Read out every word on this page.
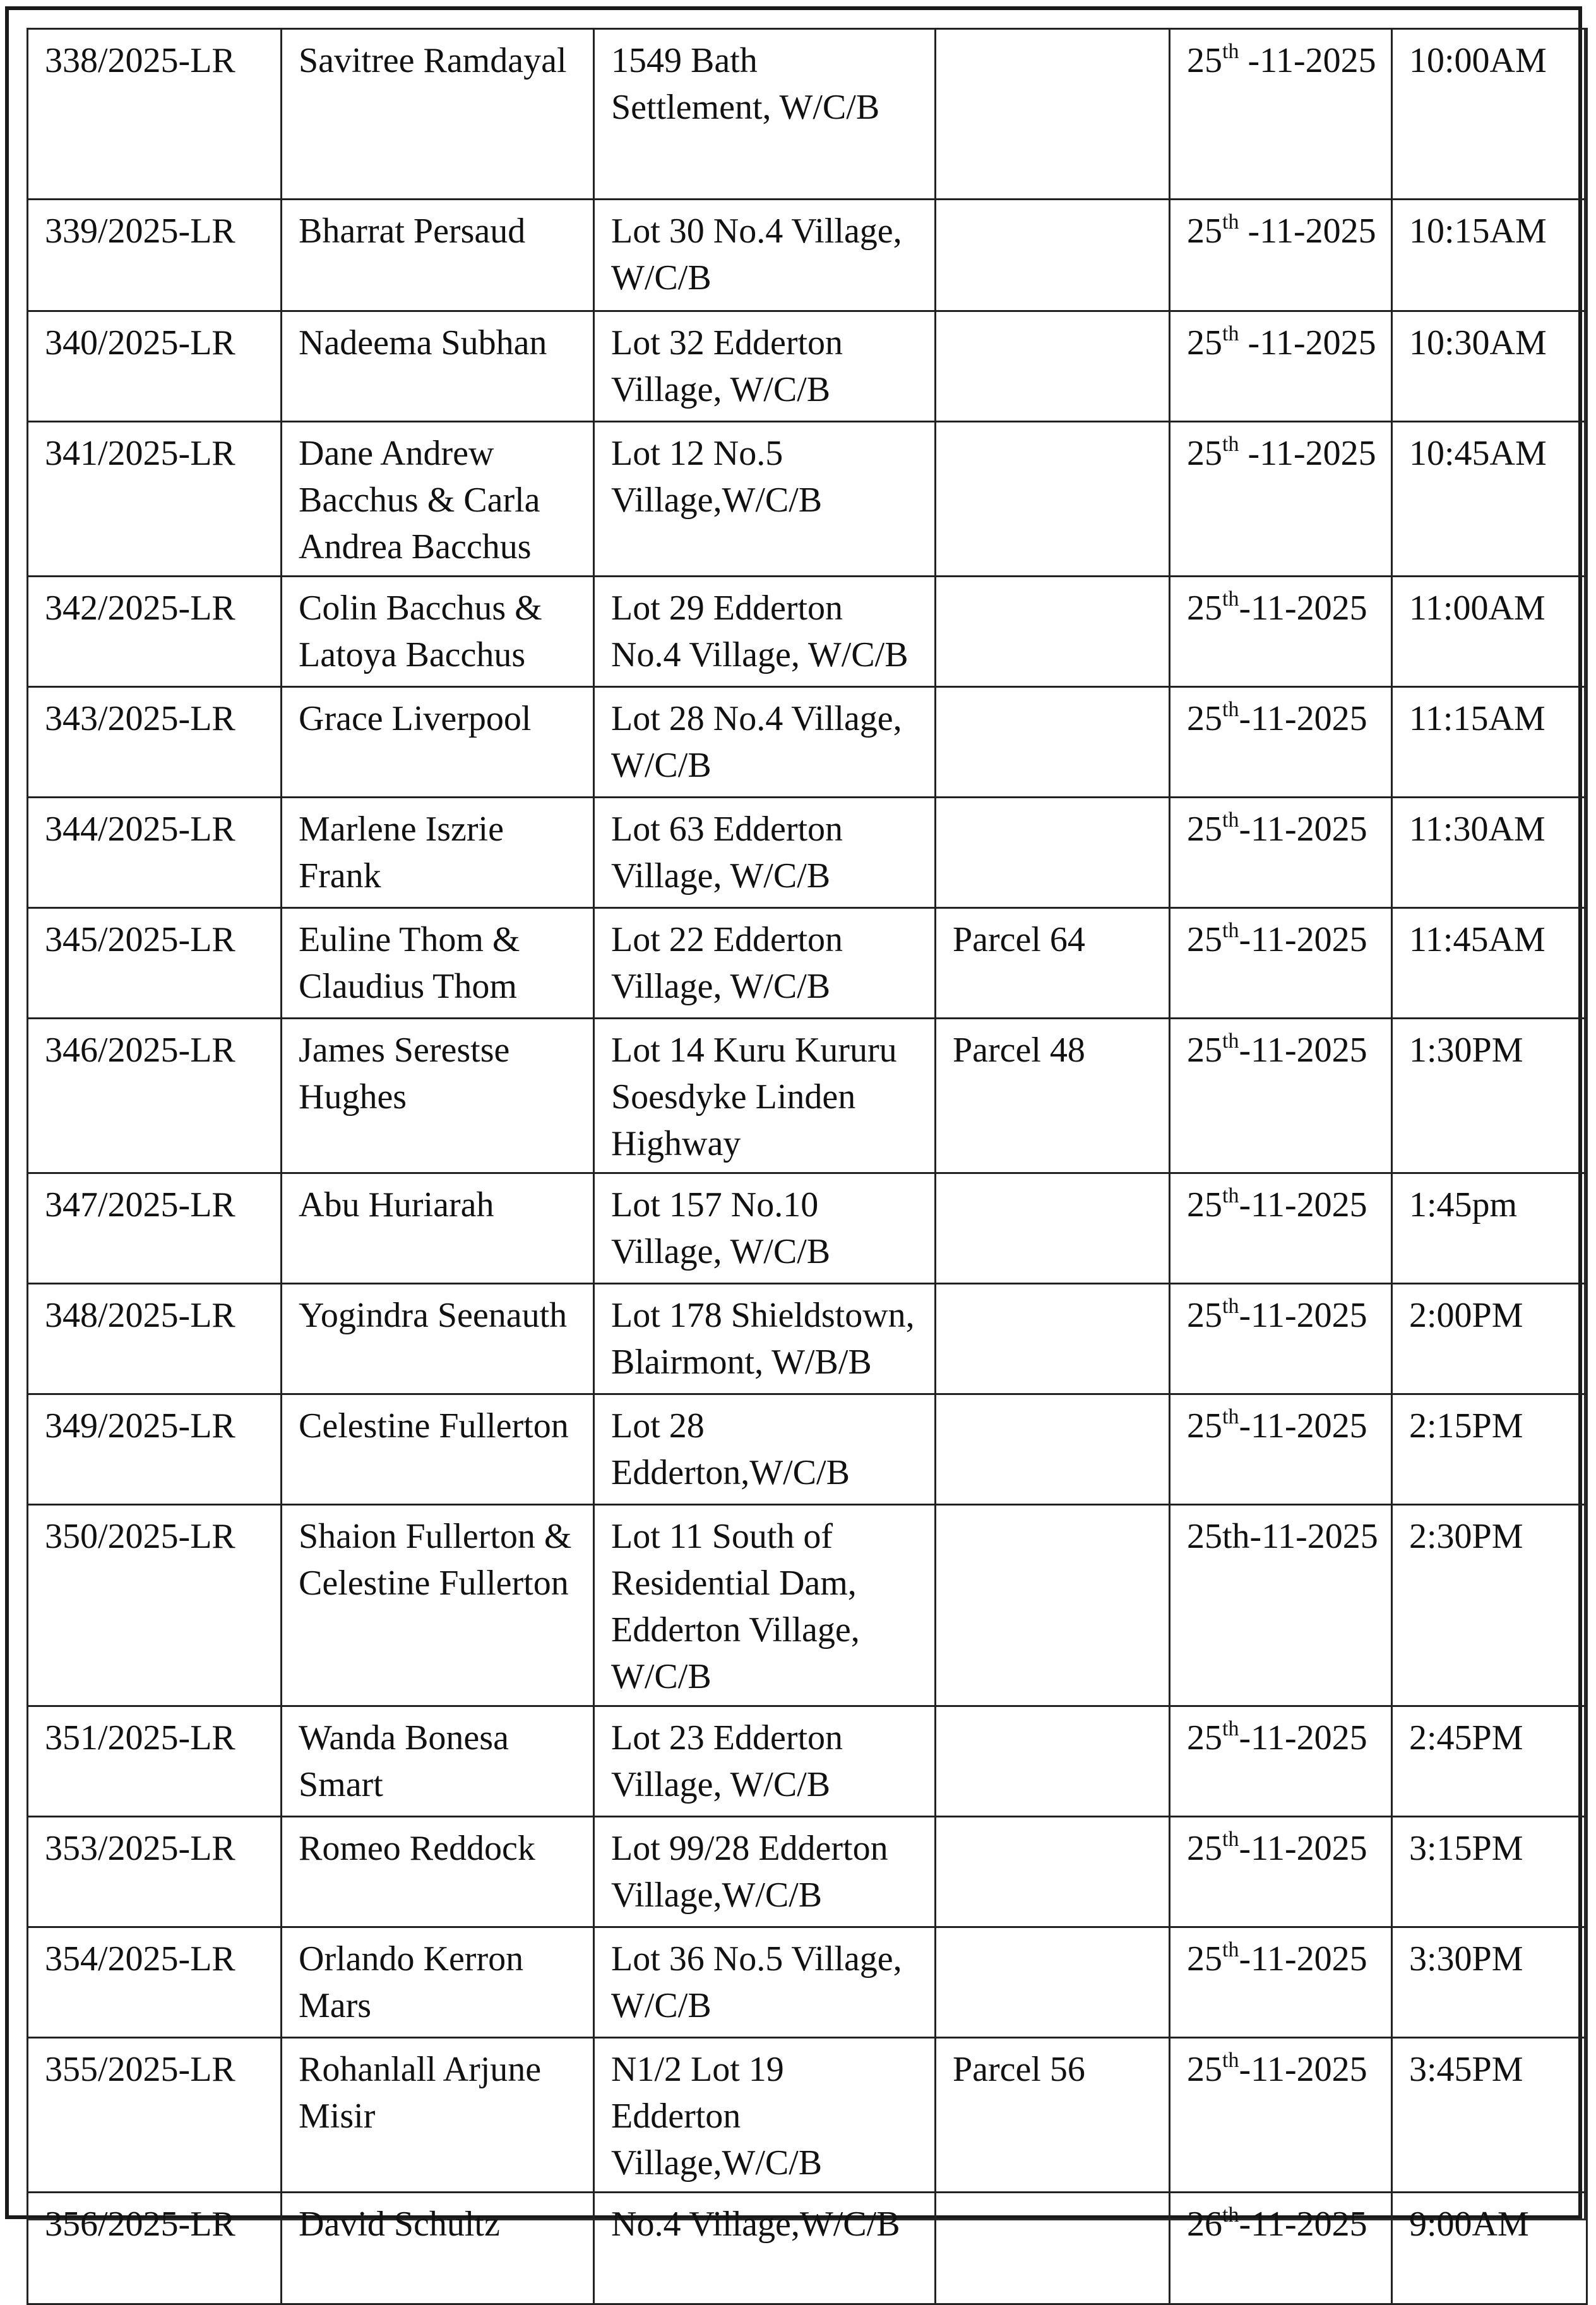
338/2025-LR	Savitree Ramdayal	1549 Bath Settlement, W/C/B		25th -11-2025	10:00AM
339/2025-LR	Bharrat Persaud	Lot 30 No.4 Village, W/C/B		25th -11-2025	10:15AM
340/2025-LR	Nadeema Subhan	Lot 32 Edderton Village, W/C/B		25th -11-2025	10:30AM
341/2025-LR	Dane Andrew Bacchus & Carla Andrea Bacchus	Lot 12 No.5 Village,W/C/B		25th -11-2025	10:45AM
342/2025-LR	Colin Bacchus & Latoya Bacchus	Lot 29 Edderton No.4 Village, W/C/B		25th-11-2025	11:00AM
343/2025-LR	Grace Liverpool	Lot 28 No.4 Village, W/C/B		25th-11-2025	11:15AM
344/2025-LR	Marlene Iszrie Frank	Lot 63 Edderton Village, W/C/B		25th-11-2025	11:30AM
345/2025-LR	Euline Thom & Claudius Thom	Lot 22 Edderton Village, W/C/B	Parcel 64	25th-11-2025	11:45AM
346/2025-LR	James Serestse Hughes	Lot 14 Kuru Kururu Soesdyke Linden Highway	Parcel 48	25th-11-2025	1:30PM
347/2025-LR	Abu Huriarah	Lot 157 No.10 Village, W/C/B		25th-11-2025	1:45pm
348/2025-LR	Yogindra Seenauth	Lot 178 Shieldstown, Blairmont, W/B/B		25th-11-2025	2:00PM
349/2025-LR	Celestine Fullerton	Lot 28 Edderton,W/C/B		25th-11-2025	2:15PM
350/2025-LR	Shaion Fullerton & Celestine Fullerton	Lot 11 South of Residential Dam, Edderton Village, W/C/B		25th-11-2025	2:30PM
351/2025-LR	Wanda Bonesa Smart	Lot 23 Edderton Village, W/C/B		25th-11-2025	2:45PM
353/2025-LR	Romeo Reddock	Lot 99/28 Edderton Village,W/C/B		25th-11-2025	3:15PM
354/2025-LR	Orlando Kerron Mars	Lot 36 No.5 Village, W/C/B		25th-11-2025	3:30PM
355/2025-LR	Rohanlall Arjune Misir	N1/2 Lot 19 Edderton Village,W/C/B	Parcel 56	25th-11-2025	3:45PM
356/2025-LR	David Schultz	No.4 Village,W/C/B		26th-11-2025	9:00AM
